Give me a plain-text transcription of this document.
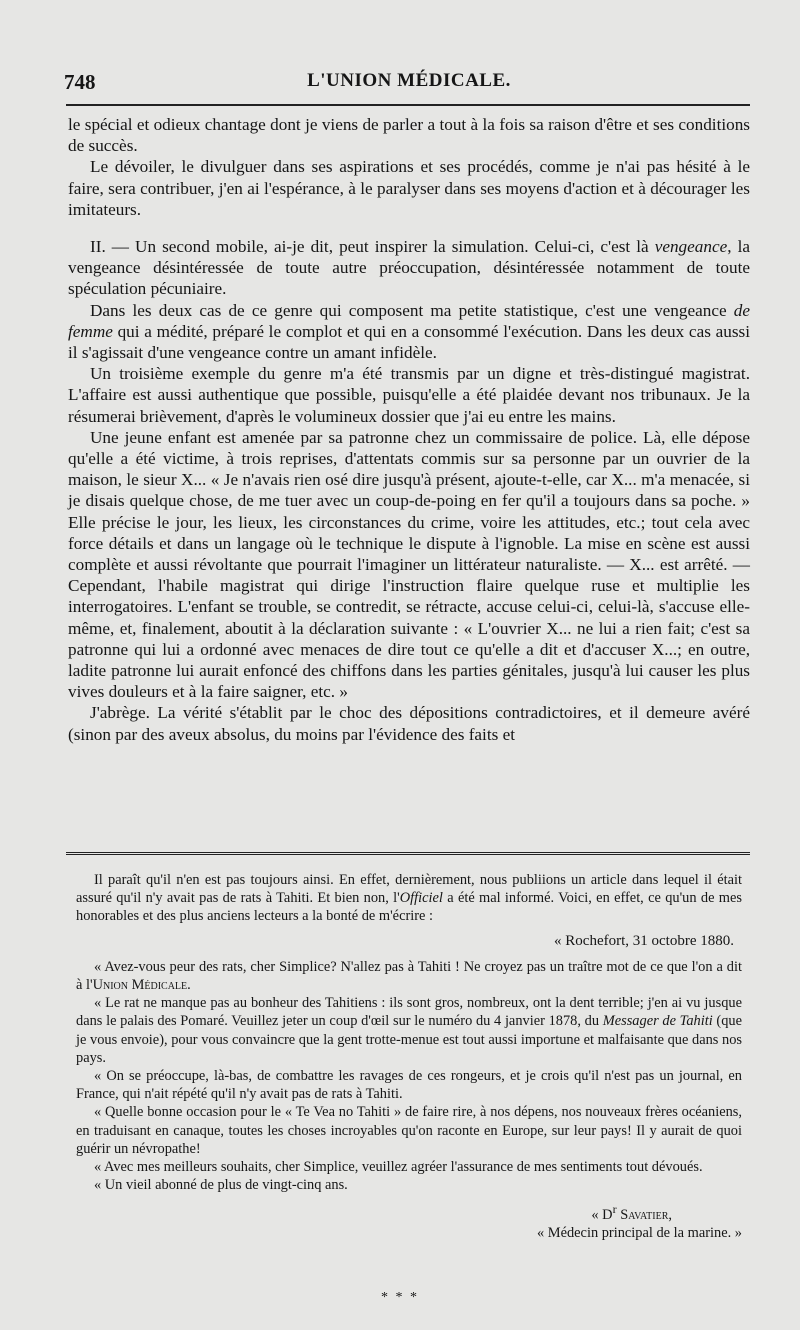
748	L'UNION MÉDICALE.

le spécial et odieux chantage dont je viens de parler a tout à la fois sa raison d'être et ses conditions de succès.

Le dévoiler, le divulguer dans ses aspirations et ses procédés, comme je n'ai pas hésité à le faire, sera contribuer, j'en ai l'espérance, à le paralyser dans ses moyens d'action et à décourager les imitateurs.

II. — Un second mobile, ai-je dit, peut inspirer la simulation. Celui-ci, c'est là vengeance, la vengeance désintéressée de toute autre préoccupation, désintéressée notamment de toute spéculation pécuniaire.

Dans les deux cas de ce genre qui composent ma petite statistique, c'est une vengeance de femme qui a médité, préparé le complot et qui en a consommé l'exécution. Dans les deux cas aussi il s'agissait d'une vengeance contre un amant infidèle.

Un troisième exemple du genre m'a été transmis par un digne et très-distingué magistrat. L'affaire est aussi authentique que possible, puisqu'elle a été plaidée devant nos tribunaux. Je la résumerai brièvement, d'après le volumineux dossier que j'ai eu entre les mains.

Une jeune enfant est amenée par sa patronne chez un commissaire de police. Là, elle dépose qu'elle a été victime, à trois reprises, d'attentats commis sur sa personne par un ouvrier de la maison, le sieur X... « Je n'avais rien osé dire jusqu'à présent, ajoute-t-elle, car X... m'a menacée, si je disais quelque chose, de me tuer avec un coup-de-poing en fer qu'il a toujours dans sa poche. » Elle précise le jour, les lieux, les circonstances du crime, voire les attitudes, etc.; tout cela avec force détails et dans un langage où le technique le dispute à l'ignoble. La mise en scène est aussi complète et aussi révoltante que pourrait l'imaginer un littérateur naturaliste. — X... est arrêté. — Cependant, l'habile magistrat qui dirige l'instruction flaire quelque ruse et multiplie les interrogatoires. L'enfant se trouble, se contredit, se rétracte, accuse celui-ci, celui-là, s'accuse elle-même, et, finalement, aboutit à la déclaration suivante : « L'ouvrier X... ne lui a rien fait; c'est sa patronne qui lui a ordonné avec menaces de dire tout ce qu'elle a dit et d'accuser X...; en outre, ladite patronne lui aurait enfoncé des chiffons dans les parties génitales, jusqu'à lui causer les plus vives douleurs et à la faire saigner, etc. »

J'abrège. La vérité s'établit par le choc des dépositions contradictoires, et il demeure avéré (sinon par des aveux absolus, du moins par l'évidence des faits et

Il paraît qu'il n'en est pas toujours ainsi. En effet, dernièrement, nous publiions un article dans lequel il était assuré qu'il n'y avait pas de rats à Tahiti. Et bien non, l'Officiel a été mal informé. Voici, en effet, ce qu'un de mes honorables et des plus anciens lecteurs a la bonté de m'écrire :

« Rochefort, 31 octobre 1880.

« Avez-vous peur des rats, cher Simplice? N'allez pas à Tahiti ! Ne croyez pas un traître mot de ce que l'on a dit à l'Union Médicale.

« Le rat ne manque pas au bonheur des Tahitiens : ils sont gros, nombreux, ont la dent terrible; j'en ai vu jusque dans le palais des Pomaré. Veuillez jeter un coup d'œil sur le numéro du 4 janvier 1878, du Messager de Tahiti (que je vous envoie), pour vous convaincre que la gent trotte-menue est tout aussi importune et malfaisante que dans nos pays.

« On se préoccupe, là-bas, de combattre les ravages de ces rongeurs, et je crois qu'il n'est pas un journal, en France, qui n'ait répété qu'il n'y avait pas de rats à Tahiti.

« Quelle bonne occasion pour le « Te Vea no Tahiti » de faire rire, à nos dépens, nos nouveaux frères océaniens, en traduisant en canaque, toutes les choses incroyables qu'on raconte en Europe, sur leur pays! Il y aurait de quoi guérir un névropathe!

« Avec mes meilleurs souhaits, cher Simplice, veuillez agréer l'assurance de mes sentiments tout dévoués.

« Un vieil abonné de plus de vingt-cinq ans.

« $D^r$ Savatier,

« Médecin principal de la marine. »

* * *
